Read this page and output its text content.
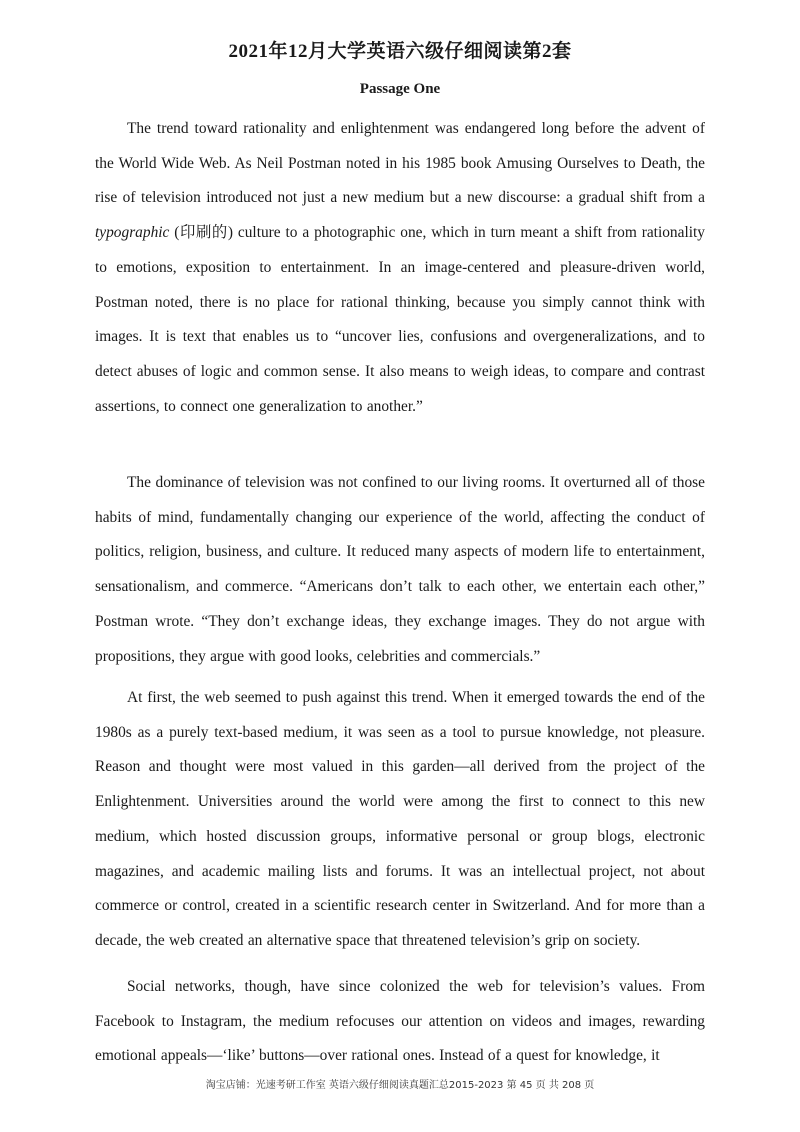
2021年12月大学英语六级仔细阅读第2套
Passage One

The trend toward rationality and enlightenment was endangered long before the advent of the World Wide Web. As Neil Postman noted in his 1985 book Amusing Ourselves to Death, the rise of television introduced not just a new medium but a new discourse: a gradual shift from a typographic (印刷的) culture to a photographic one, which in turn meant a shift from rationality to emotions, exposition to entertainment. In an image-centered and pleasure-driven world, Postman noted, there is no place for rational thinking, because you simply cannot think with images. It is text that enables us to “uncover lies, confusions and overgeneralizations, and to detect abuses of logic and common sense. It also means to weigh ideas, to compare and contrast assertions, to connect one generalization to another.”

The dominance of television was not confined to our living rooms. It overturned all of those habits of mind, fundamentally changing our experience of the world, affecting the conduct of politics, religion, business, and culture. It reduced many aspects of modern life to entertainment, sensationalism, and commerce. “Americans don’t talk to each other, we entertain each other,” Postman wrote. “They don’t exchange ideas, they exchange images. They do not argue with propositions, they argue with good looks, celebrities and commercials.”

At first, the web seemed to push against this trend. When it emerged towards the end of the 1980s as a purely text-based medium, it was seen as a tool to pursue knowledge, not pleasure. Reason and thought were most valued in this garden—all derived from the project of the Enlightenment. Universities around the world were among the first to connect to this new medium, which hosted discussion groups, informative personal or group blogs, electronic magazines, and academic mailing lists and forums. It was an intellectual project, not about commerce or control, created in a scientific research center in Switzerland. And for more than a decade, the web created an alternative space that threatened television’s grip on society.

Social networks, though, have since colonized the web for television’s values. From Facebook to Instagram, the medium refocuses our attention on videos and images, rewarding emotional appeals—‘like’ buttons—over rational ones. Instead of a quest for knowledge, it

淘宝店铺：光速考研工作室 英语六级仔细阅读真题汇总2015-2023 第 45 页 共 208 页
